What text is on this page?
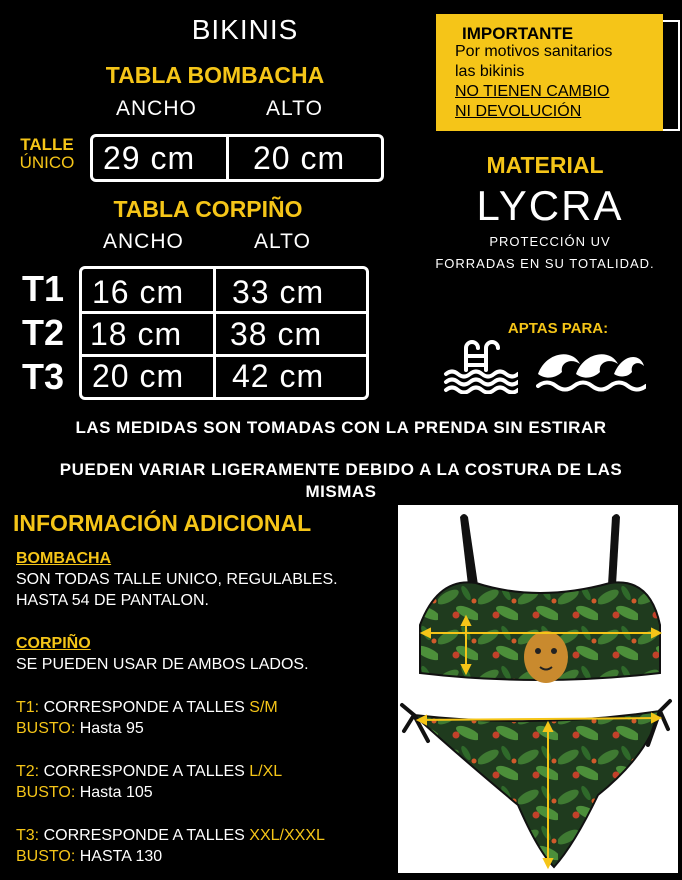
BIKINIS
TABLA BOMBACHA
ANCHO	ALTO
TALLE
ÚNICO 29 cm 20 cm
TABLA CORPIÑO
ANCHO	ALTO
T1
T2
T3
16 cm 33 cm
18 cm 38 cm
20 cm 42 cm
IMPORTANTE
Por motivos sanitarios
las bikinis
NO TIENEN CAMBIO
NI DEVOLUCIÓN
MATERIAL
LYCRA
PROTECCIÓN UV
FORRADAS EN SU TOTALIDAD.
APTAS PARA:
LAS MEDIDAS SON TOMADAS CON LA PRENDA SIN ESTIRAR
PUEDEN VARIAR LIGERAMENTE DEBIDO A LA COSTURA DE LAS
MISMAS
INFORMACIÓN ADICIONAL
BOMBACHA
SON TODAS TALLE UNICO, REGULABLES.
HASTA 54 DE PANTALON.
CORPIÑO
SE PUEDEN USAR DE AMBOS LADOS.
T1: CORRESPONDE A TALLES S/M
BUSTO: Hasta 95
T2: CORRESPONDE A TALLES L/XL
BUSTO: Hasta 105
T3: CORRESPONDE A TALLES XXL/XXXL
BUSTO: HASTA 130
